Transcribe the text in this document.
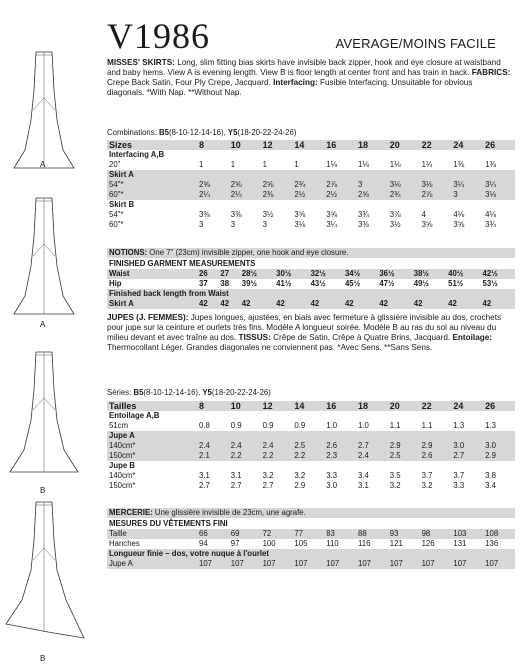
V1986	AVERAGE/MOINS FACILE
A
A
B
B
MISSES' SKIRTS: Long, slim fitting bias skirts have invisible back zipper, hook and eye closure at waistband and baby hems. View A is evening length. View B is floor length at center front and has train in back. FABRICS: Crepe Back Satin, Four Ply Crepe, Jacquard. Interfacing: Fusible Interfacing. Unsuitable for obvious diagonals. *With Nap. **Without Nap.
Combinations: B5(8-10-12-14-16), Y5(18-20-22-24-26)
Sizes	8	10	12	14	16	18	20	22	24	26
Interfacing A,B										
20"	1	1	1	1	1⅛	1⅛	1⅛	1¼	1⅜	1⅜
Skirt A										
54"*	2⅝	2⅝	2⅝	2¾	2⅞	3	3⅛	3⅛	3¼	3¼
60"*	2¼	2¼	2⅜	2½	2½	2⅝	2¾	2⅞	3	3⅛
Skirt B										
54"*	3⅜	3⅜	3½	3⅝	3⅝	3¾	3⅞	4	4⅛	4⅛
60"*	3	3	3	3⅛	3¼	3⅜	3½	3⅝	3⅝	3¾
NOTIONS: One 7" (23cm) invisible zipper, one hook and eye closure.
FINISHED GARMENT MEASUREMENTS										
Waist	26	27	28½	30½	32½	34½	36½	38½	40½	42½
Hip	37	38	39½	41½	43½	45½	47½	49½	51½	53½
Finished back length from Waist										
Skirt A	42	42	42	42	42	42	42	42	42	42
JUPES (J. FEMMES): Jupes longues, ajustées, en biais avec fermeture à glissière invisible au dos, crochets pour jupe sur la ceinture et ourlets très fins. Modèle A longueur soirée. Modèle B au ras du sol au niveau du milieu devant et avec traîne au dos. TISSUS: Crêpe de Satin, Crêpe à Quatre Brins, Jacquard. Entoilage: Thermocollant Léger. Grandes diagonales ne conviennent pas. *Avec Sens. **Sans Sens.
Séries: B5(8-10-12-14-16), Y5(18-20-22-24-26)
Tailles	8	10	12	14	16	18	20	22	24	26
Entoilage A,B										
51cm	0.8	0.9	0.9	0.9	1.0	1.0	1.1	1.1	1.3	1.3
Jupe A										
140cm*	2.4	2.4	2.4	2.5	2.6	2.7	2.9	2.9	3.0	3.0
150cm*	2.1	2.2	2.2	2.2	2.3	2.4	2.5	2.6	2.7	2.9
Jupe B										
140cm*	3.1	3.1	3.2	3.2	3.3	3.4	3.5	3.7	3.7	3.8
150cm*	2.7	2.7	2.7	2.9	3.0	3.1	3.2	3.2	3.3	3.4
MERCERIE: Une glissière invisible de 23cm, une agrafe.
MESURES DU VÊTEMENTS FINI										
Taille	66	69	72	77	83	88	93	98	103	108
Hanches	94	97	100	105	110	116	121	126	131	136
Longueur finie – dos, votre nuque à l'ourlet										
Jupe A	107	107	107	107	107	107	107	107	107	107
